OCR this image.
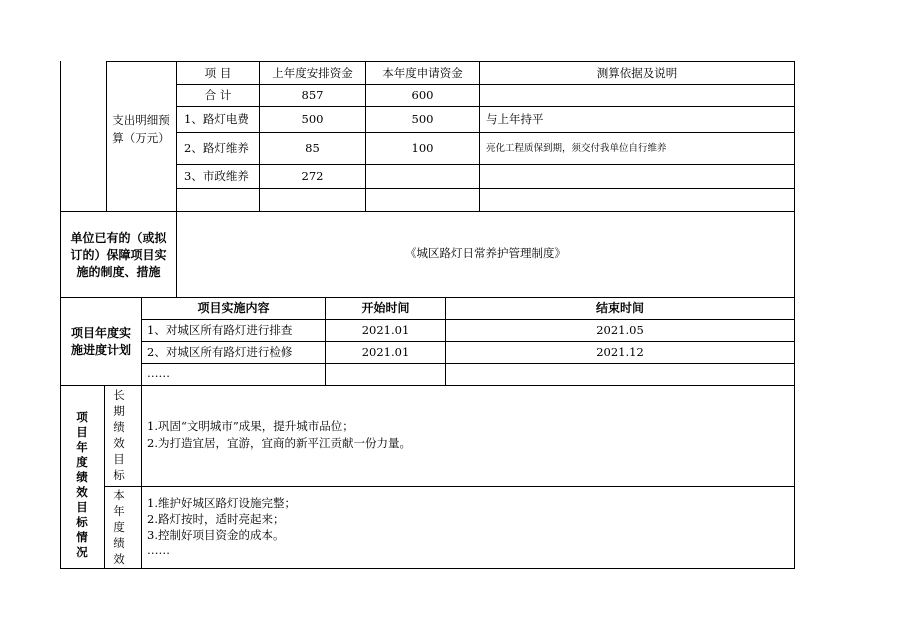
支出明细预算（万元）
项 目	上年度安排资金	本年度申请资金	测算依据及说明
合 计	857	600
1、路灯电费	500	500	与上年持平
2、路灯维养	85	100	亮化工程质保到期，须交付我单位自行维养
3、市政维养	272
单位已有的（或拟
订的）保障项目实
施的制度、措施
《城区路灯日常养护管理制度》
项目年度实
施进度计划
项目实施内容	开始时间	结束时间
1、对城区所有路灯进行排查	2021.01	2021.05
2、对城区所有路灯进行检修	2021.01	2021.12
……
项目年度绩效目标情况
长期绩效目标
1.巩固“文明城市”成果，提升城市品位；
2.为打造宜居，宜游，宜商的新平江贡献一份力量。
本年度绩效
1.维护好城区路灯设施完整；
2.路灯按时，适时亮起来；
3.控制好项目资金的成本。
……
